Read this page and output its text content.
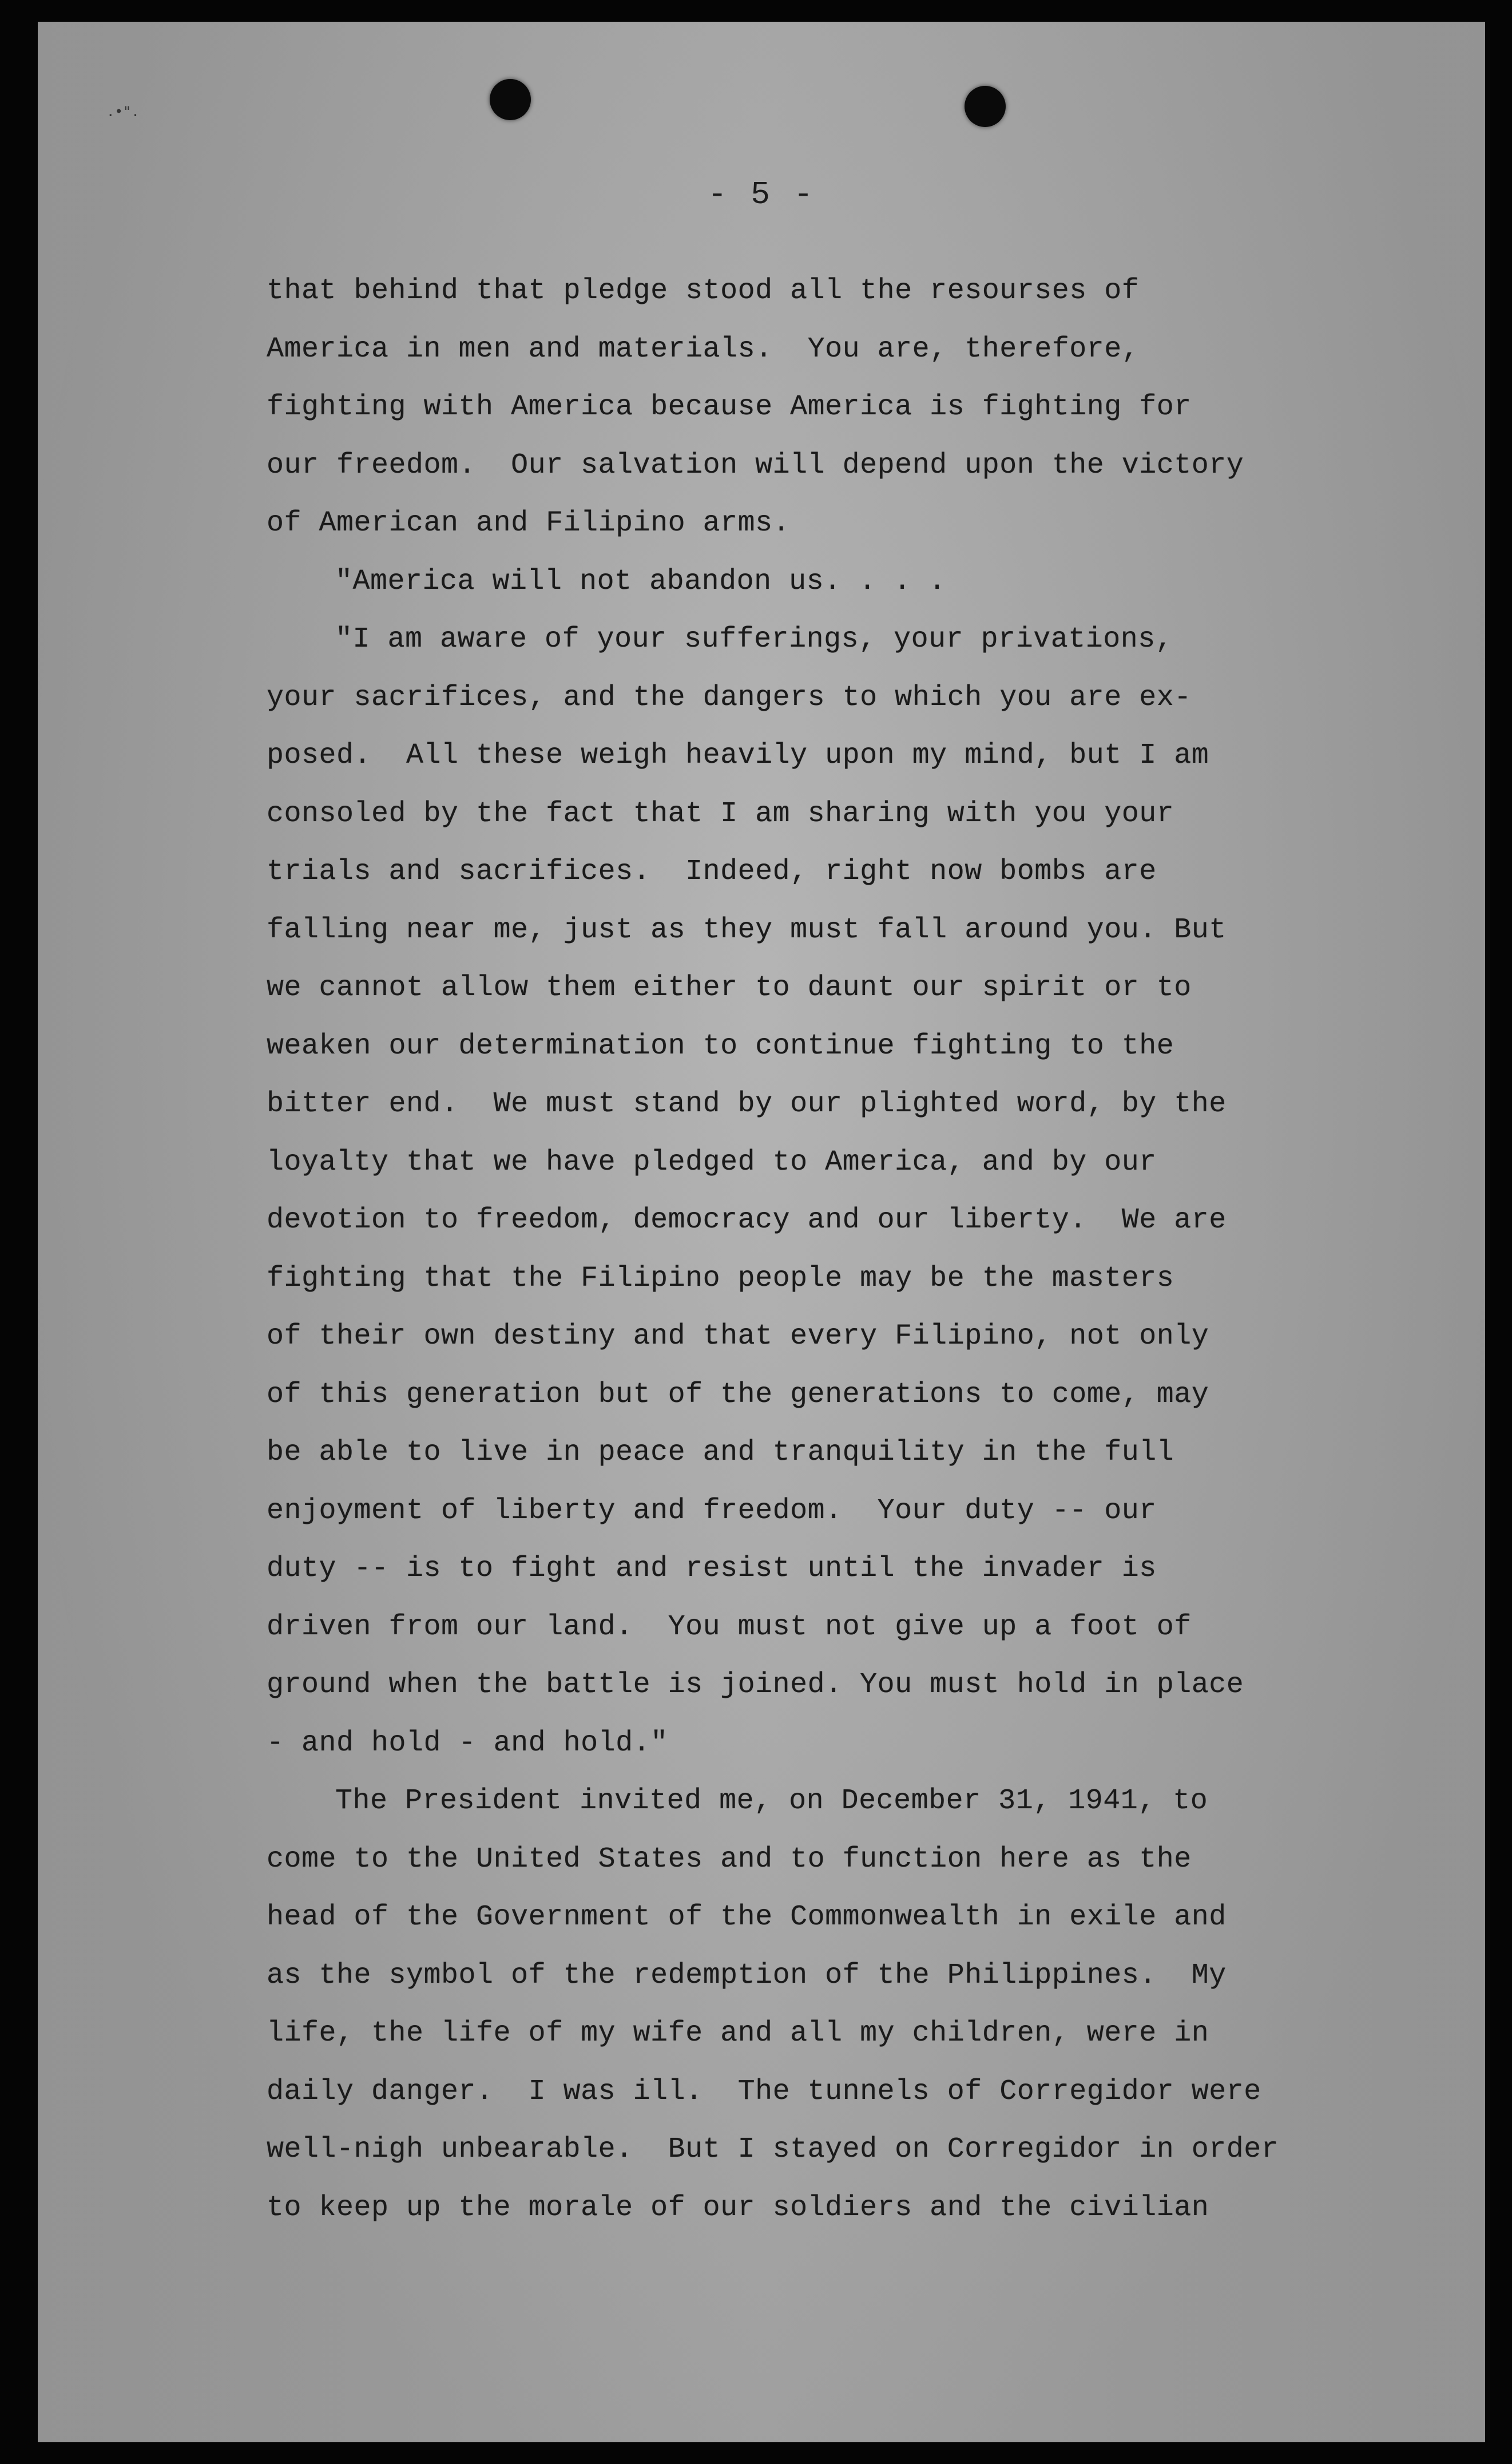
.•".
- 5 -
that behind that pledge stood all the resourses of
America in men and materials.  You are, therefore,
fighting with America because America is fighting for
our freedom.  Our salvation will depend upon the victory
of American and Filipino arms.
"America will not abandon us. . . .
"I am aware of your sufferings, your privations,
your sacrifices, and the dangers to which you are ex-
posed.  All these weigh heavily upon my mind, but I am
consoled by the fact that I am sharing with you your
trials and sacrifices.  Indeed, right now bombs are
falling near me, just as they must fall around you. But
we cannot allow them either to daunt our spirit or to
weaken our determination to continue fighting to the
bitter end.  We must stand by our plighted word, by the
loyalty that we have pledged to America, and by our
devotion to freedom, democracy and our liberty.  We are
fighting that the Filipino people may be the masters
of their own destiny and that every Filipino, not only
of this generation but of the generations to come, may
be able to live in peace and tranquility in the full
enjoyment of liberty and freedom.  Your duty -- our
duty -- is to fight and resist until the invader is
driven from our land.  You must not give up a foot of
ground when the battle is joined. You must hold in place
- and hold - and hold."
The President invited me, on December 31, 1941, to
come to the United States and to function here as the
head of the Government of the Commonwealth in exile and
as the symbol of the redemption of the Philippines.  My
life, the life of my wife and all my children, were in
daily danger.  I was ill.  The tunnels of Corregidor were
well-nigh unbearable.  But I stayed on Corregidor in order
to keep up the morale of our soldiers and the civilian
